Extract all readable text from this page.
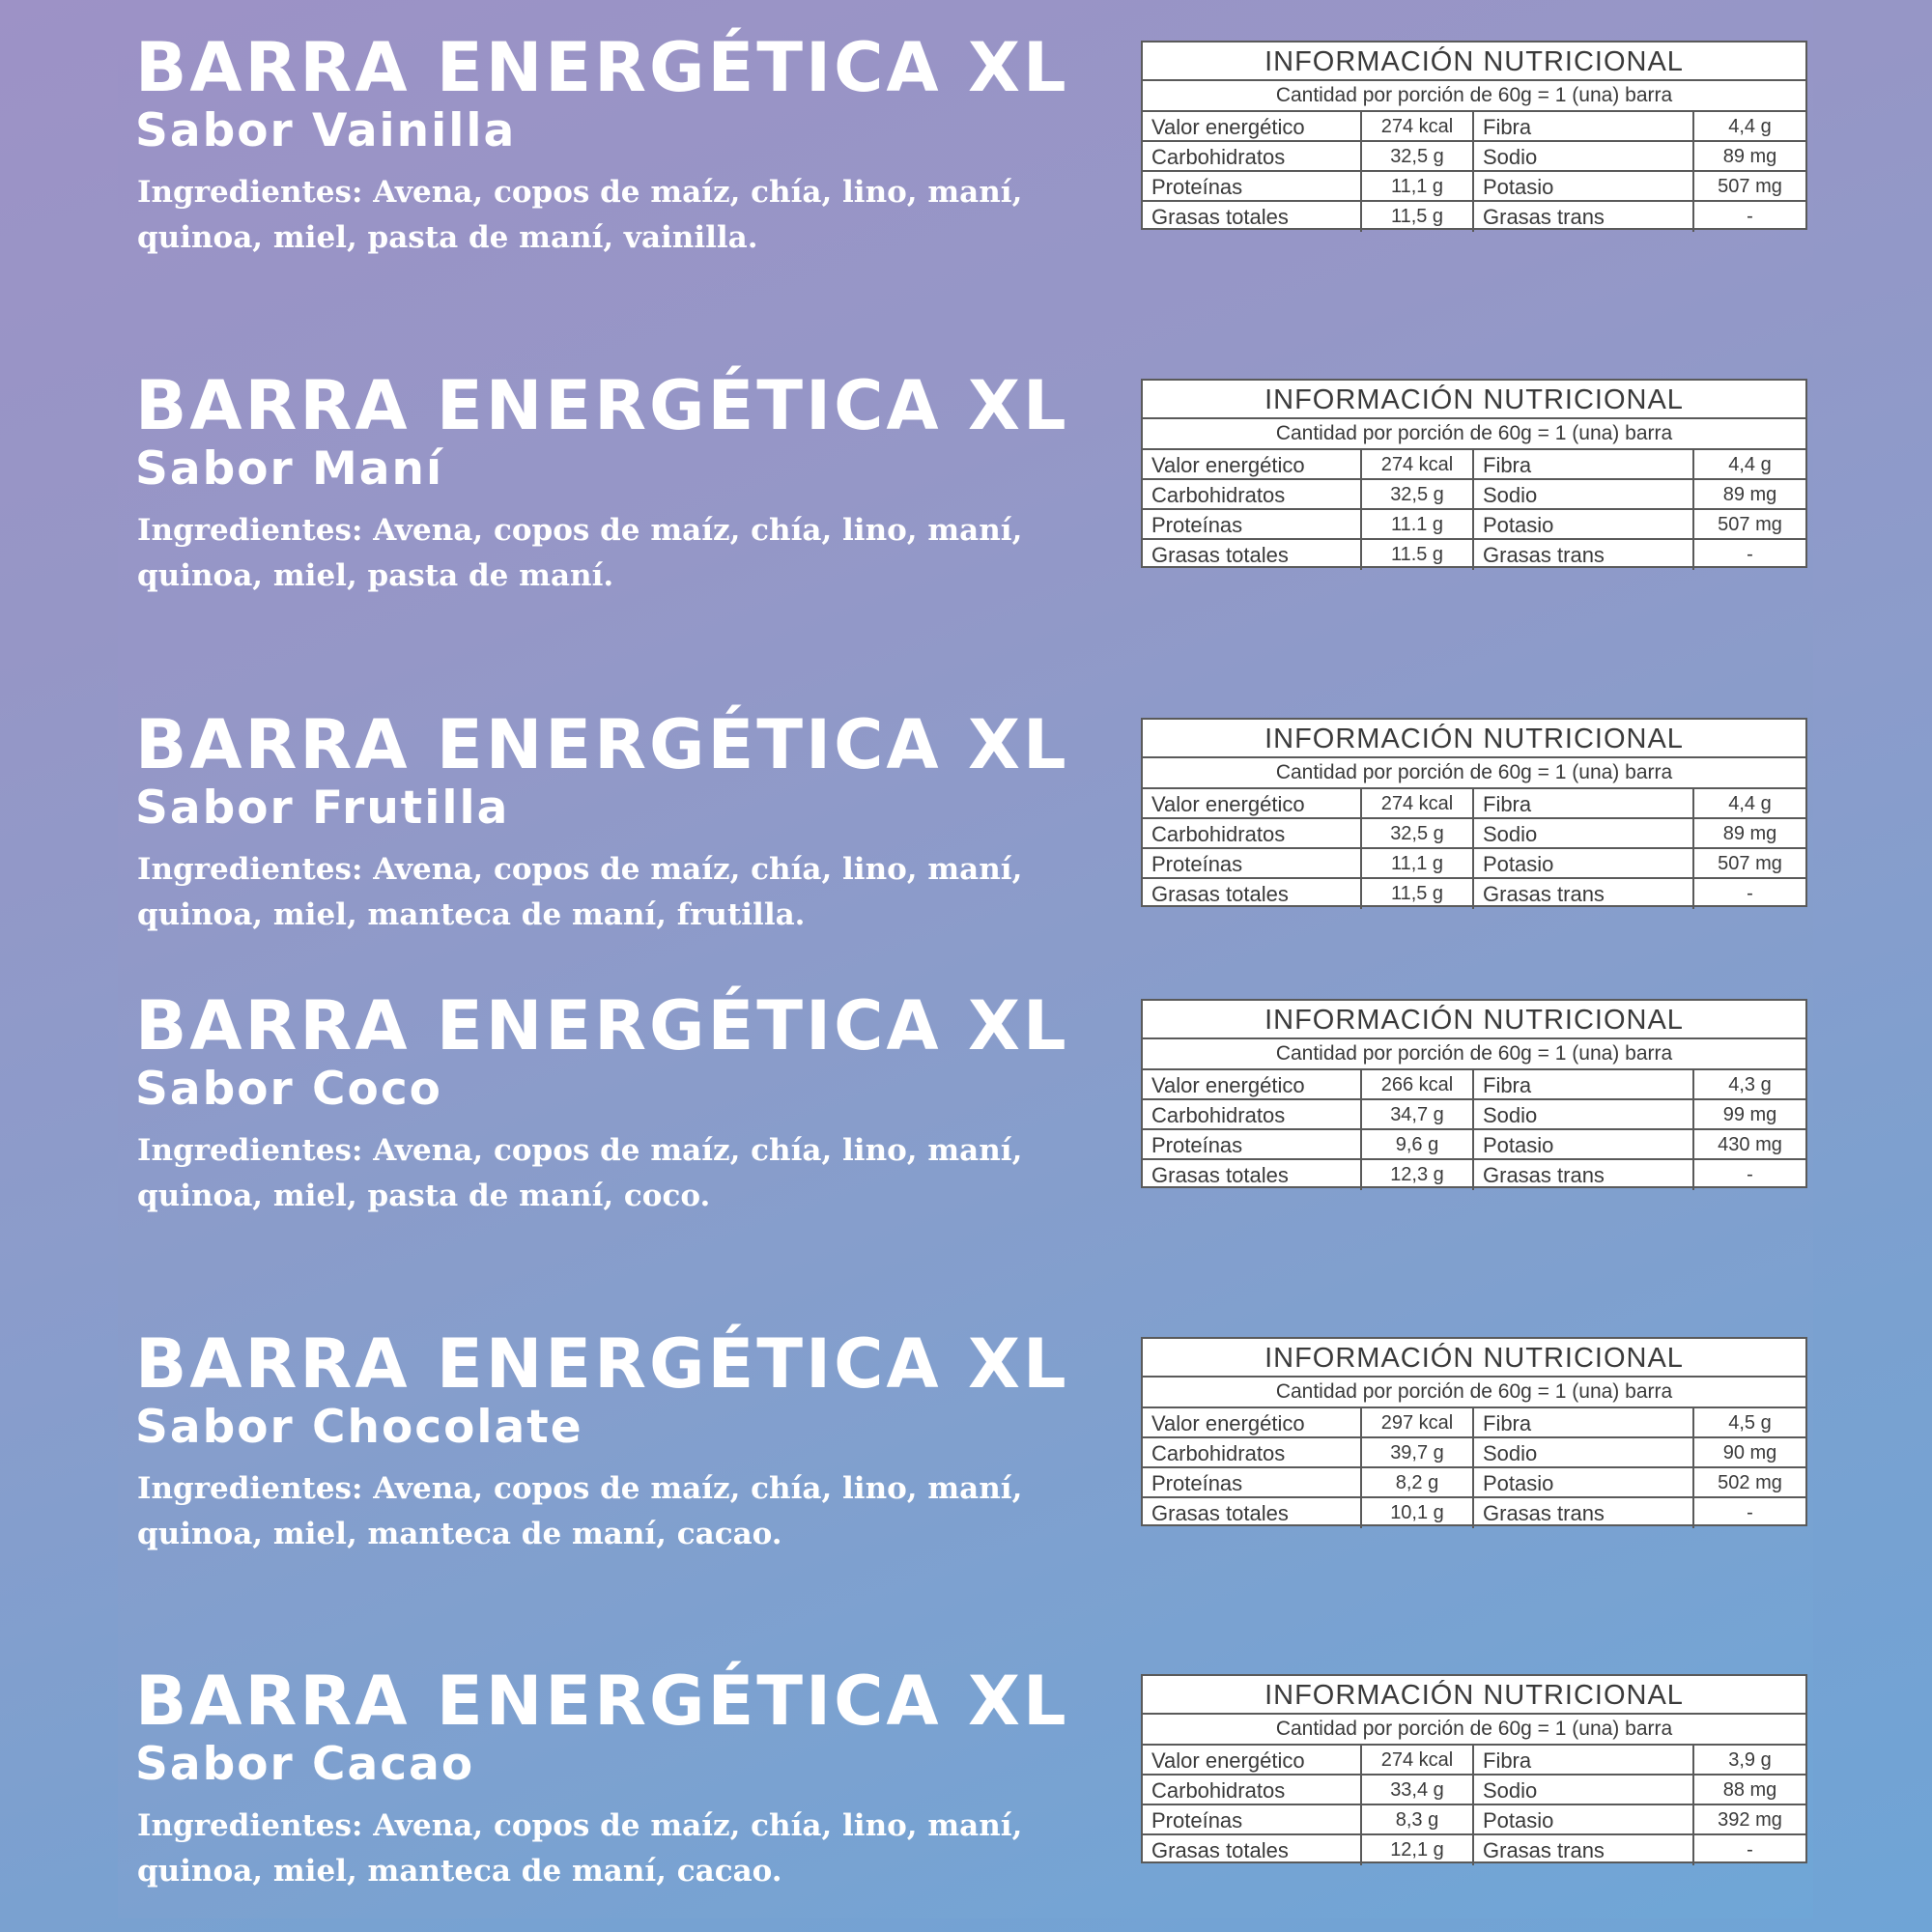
BARRA ENERGÉTICA XL
Sabor Vainilla

Ingredientes: Avena, copos de maíz, chía, lino, maní, quinoa, miel, pasta de maní, vainilla.

INFORMACIÓN NUTRICIONAL
Cantidad por porción de 60g = 1 (una) barra
Valor energético	274 kcal	Fibra	4,4 g
Carbohidratos	32,5 g	Sodio	89 mg
Proteínas	11,1 g	Potasio	507 mg
Grasas totales	11,5 g	Grasas trans	-
BARRA ENERGÉTICA XL
Sabor Maní

Ingredientes: Avena, copos de maíz, chía, lino, maní, quinoa, miel, pasta de maní.

INFORMACIÓN NUTRICIONAL
Cantidad por porción de 60g = 1 (una) barra
Valor energético	274 kcal	Fibra	4,4 g
Carbohidratos	32,5 g	Sodio	89 mg
Proteínas	11.1 g	Potasio	507 mg
Grasas totales	11.5 g	Grasas trans	-
BARRA ENERGÉTICA XL
Sabor Frutilla

Ingredientes: Avena, copos de maíz, chía, lino, maní, quinoa, miel, manteca de maní, frutilla.

INFORMACIÓN NUTRICIONAL
Cantidad por porción de 60g = 1 (una) barra
Valor energético	274 kcal	Fibra	4,4 g
Carbohidratos	32,5 g	Sodio	89 mg
Proteínas	11,1 g	Potasio	507 mg
Grasas totales	11,5 g	Grasas trans	-
BARRA ENERGÉTICA XL
Sabor Coco

Ingredientes: Avena, copos de maíz, chía, lino, maní, quinoa, miel, pasta de maní, coco.

INFORMACIÓN NUTRICIONAL
Cantidad por porción de 60g = 1 (una) barra
Valor energético	266 kcal	Fibra	4,3 g
Carbohidratos	34,7 g	Sodio	99 mg
Proteínas	9,6 g	Potasio	430 mg
Grasas totales	12,3 g	Grasas trans	-
BARRA ENERGÉTICA XL
Sabor Chocolate

Ingredientes: Avena, copos de maíz, chía, lino, maní, quinoa, miel, manteca de maní, cacao.

INFORMACIÓN NUTRICIONAL
Cantidad por porción de 60g = 1 (una) barra
Valor energético	297 kcal	Fibra	4,5 g
Carbohidratos	39,7 g	Sodio	90 mg
Proteínas	8,2 g	Potasio	502 mg
Grasas totales	10,1 g	Grasas trans	-
BARRA ENERGÉTICA XL
Sabor Cacao

Ingredientes: Avena, copos de maíz, chía, lino, maní, quinoa, miel, manteca de maní, cacao.

INFORMACIÓN NUTRICIONAL
Cantidad por porción de 60g = 1 (una) barra
Valor energético	274 kcal	Fibra	3,9 g
Carbohidratos	33,4 g	Sodio	88 mg
Proteínas	8,3 g	Potasio	392 mg
Grasas totales	12,1 g	Grasas trans	-
